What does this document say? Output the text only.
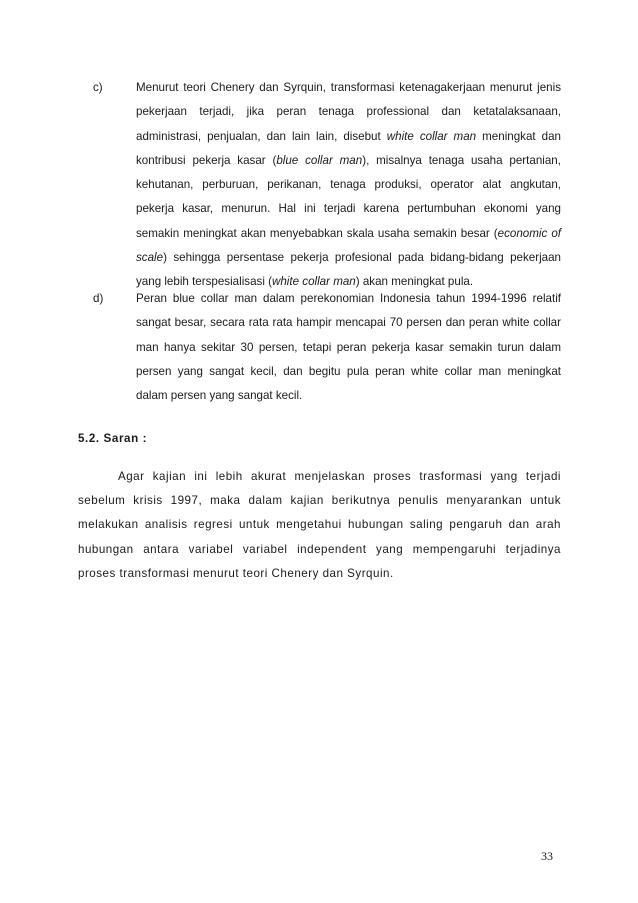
c)	Menurut teori Chenery dan Syrquin, transformasi ketenagakerjaan menurut jenis pekerjaan terjadi, jika peran tenaga professional dan ketatalaksanaan, administrasi, penjualan, dan lain lain, disebut white collar man meningkat dan kontribusi pekerja kasar (blue collar man), misalnya tenaga usaha pertanian, kehutanan, perburuan, perikanan, tenaga produksi, operator alat angkutan, pekerja kasar, menurun. Hal ini terjadi karena pertumbuhan ekonomi yang semakin meningkat akan menyebabkan skala usaha semakin besar (economic of scale) sehingga persentase pekerja profesional pada bidang-bidang pekerjaan yang lebih terspesialisasi (white collar man) akan meningkat pula.
d)	Peran blue collar man dalam perekonomian Indonesia tahun 1994-1996 relatif sangat besar, secara rata rata hampir mencapai 70 persen dan peran white collar man hanya sekitar 30 persen, tetapi peran pekerja kasar semakin turun dalam persen yang sangat kecil, dan begitu pula peran white collar man meningkat dalam persen yang sangat kecil.
5.2. Saran :

Agar kajian ini lebih akurat menjelaskan proses trasformasi yang terjadi sebelum krisis 1997, maka dalam kajian berikutnya penulis menyarankan untuk melakukan analisis regresi untuk mengetahui hubungan saling pengaruh dan arah hubungan antara variabel variabel independent yang mempengaruhi terjadinya proses transformasi menurut teori Chenery dan Syrquin.

33
